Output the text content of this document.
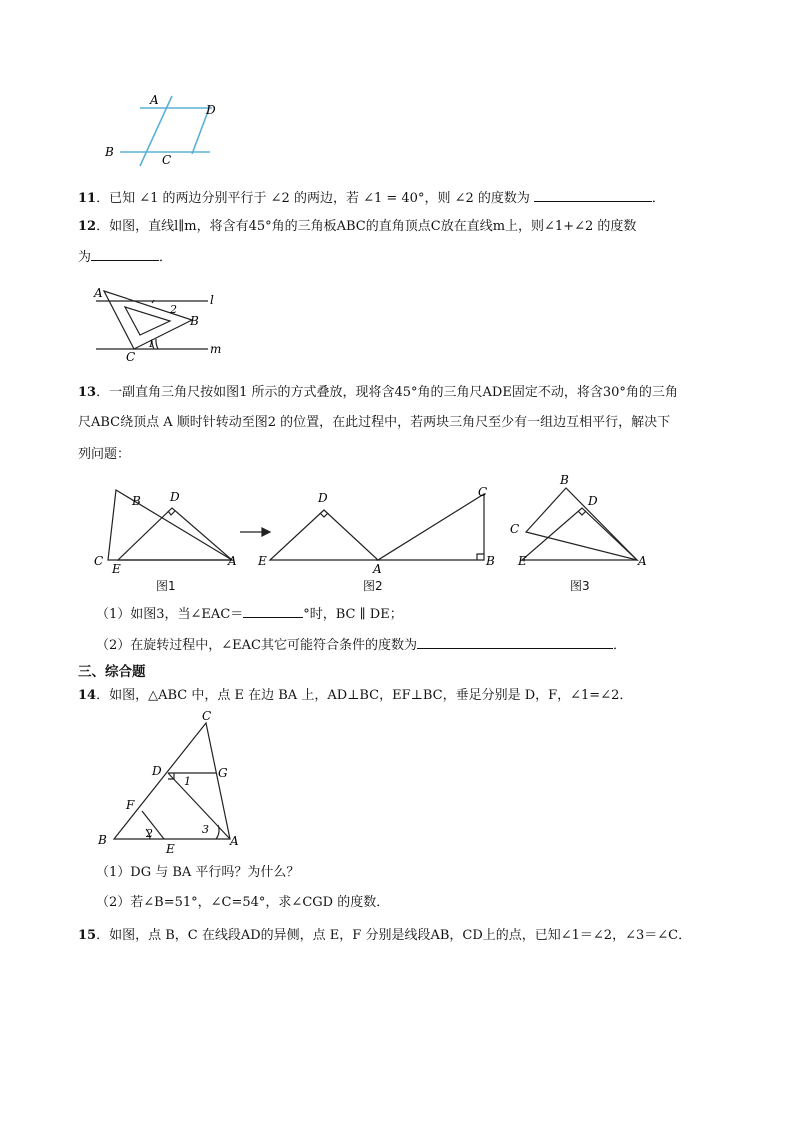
A
D
B
C
11．已知 ∠1 的两边分别平行于 ∠2 的两边，若 ∠1 = 40°，则 ∠2 的度数为	．
12．如图，直线l∥m，将含有45°角的三角板ABC的直角顶点C放在直线m上，则∠1+∠2 的度数
为	．
A
B
C
l
m
2
1
13．一副直角三角尺按如图1 所示的方式叠放，现将含45°角的三角尺ADE固定不动，将含30°角的三角
尺ABC绕顶点 A 顺时针转动至图2 的位置，在此过程中，若两块三角尺至少有一组边互相平行，解决下
列问题：
B D
C
E
A
D	C
E
A
B
B
D
C
E	A
图1	图2	图3
（1）如图3，当∠EAC＝	°时，BC ∥ DE；
（2）在旋转过程中，∠EAC其它可能符合条件的度数为	．
三、综合题
14．如图，△ABC 中，点 E 在边 BA 上，AD⊥BC，EF⊥BC，垂足分别是 D，F，∠1=∠2．
C
D	G
F
B
E
A
1
2	3
（1）DG 与 BA 平行吗？为什么？
（2）若∠B=51°，∠C=54°，求∠CGD 的度数．
15．如图，点 B，C 在线段AD的异侧，点 E，F 分别是线段AB，CD上的点，已知∠1＝∠2，∠3＝∠C．
